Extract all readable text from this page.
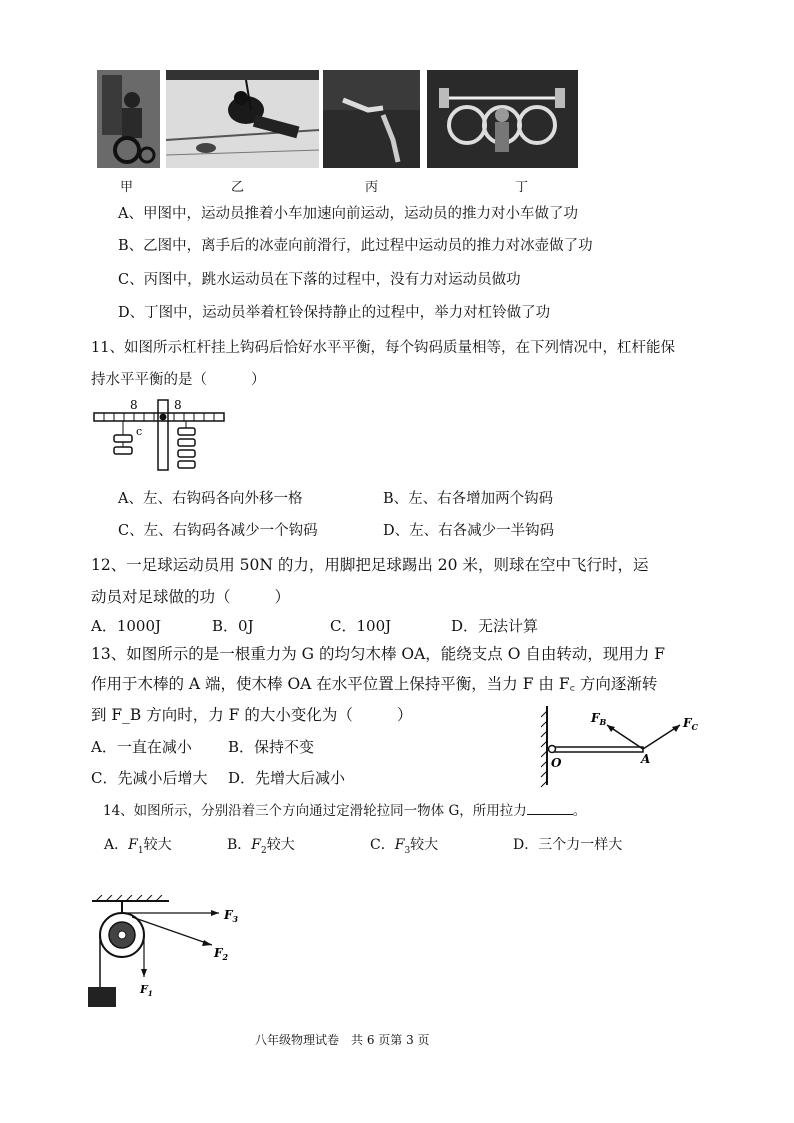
甲	乙	丙	丁
A、甲图中，运动员推着小车加速向前运动，运动员的推力对小车做了功
B、乙图中，离手后的冰壶向前滑行，此过程中运动员的推力对冰壶做了功
C、丙图中，跳水运动员在下落的过程中，没有力对运动员做功
D、丁图中，运动员举着杠铃保持静止的过程中，举力对杠铃做了功
11、如图所示杠杆挂上钩码后恰好水平平衡，每个钩码质量相等，在下列情况中，杠杆能保
持水平平衡的是（	）
8	8
c
A、左、右钩码各向外移一格	B、左、右各增加两个钩码
C、左、右钩码各减少一个钩码	D、左、右各减少一半钩码
12、一足球运动员用 50N 的力，用脚把足球踢出 20 米，则球在空中飞行时，运
动员对足球做的功（	）
A．1000J	B．0J	C．100J	D．无法计算
13、如图所示的是一根重力为 G 的均匀木棒 OA，能绕支点 O 自由转动，现用力 F
作用于木棒的 A 端，使木棒 OA 在水平位置上保持平衡，当力 F 由 F꜀ 方向逐渐转
到 F_B 方向时，力 F 的大小变化为（	）
A．一直在减小 B．保持不变
C．先减小后增大 D．先增大后减小
$F_B$	$F_C$
O	A
14、如图所示，分别沿着三个方向通过定滑轮拉同一物体 G，所用拉力	。
A．$F_1$较大	B．$F_2$较大	C．$F_3$较大	D．三个力一样大
$F_3$
$F_2$
$F_1$
八年级物理试卷　共 6 页第 3 页
